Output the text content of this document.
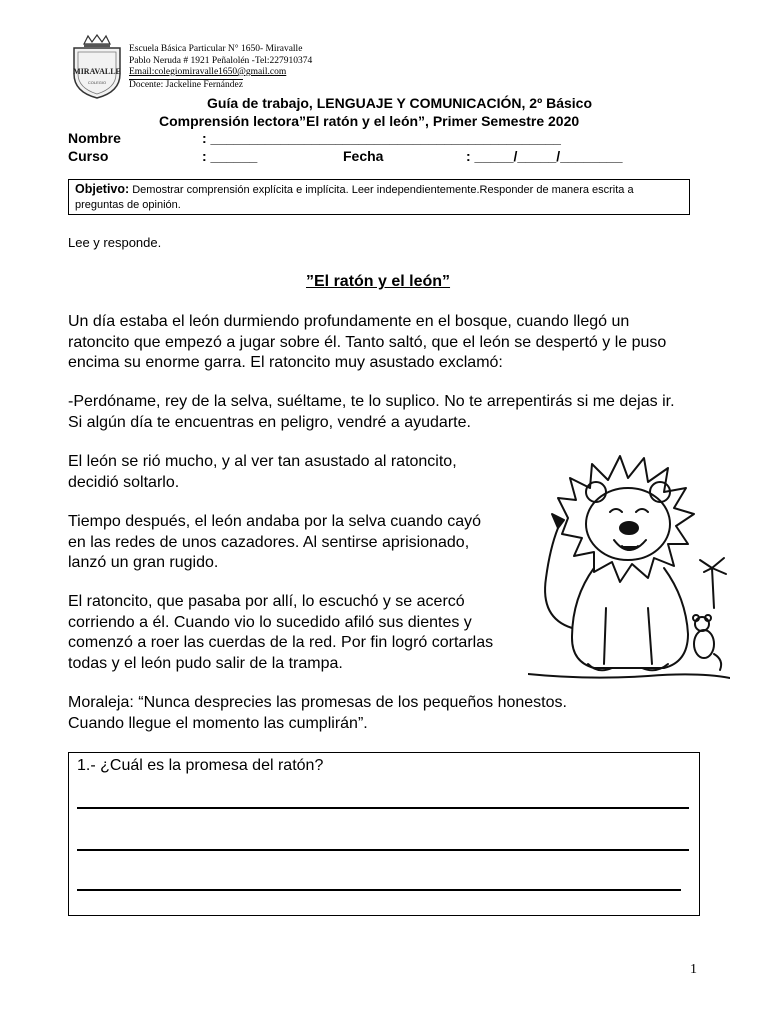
MIRAVALLE
COLEGIO
Escuela Básica Particular N° 1650- Miravalle
Pablo Neruda # 1921 Peñalolén -Tel:227910374
Email:colegiomiravalle1650@gmail.com
Docente: Jackeline Fernández
Guía de trabajo, LENGUAJE Y COMUNICACIÓN, 2º Básico
Comprensión lectora”El ratón y el león”, Primer Semestre 2020
Nombre	: _____________________________________________
Curso	: ______	Fecha	: _____/_____/________
Objetivo: Demostrar comprensión explícita e implícita. Leer independientemente.Responder de manera escrita a preguntas de opinión.
Lee y responde.
”El ratón y el león”
Un día estaba el león durmiendo profundamente en el bosque, cuando llegó un ratoncito que empezó a jugar sobre él. Tanto saltó, que el león se despertó y le puso encima su enorme garra. El ratoncito muy asustado exclamó:
-Perdóname, rey de la selva, suéltame, te lo suplico. No te arrepentirás si me dejas ir. Si algún día te encuentras en peligro, vendré a ayudarte.
El león se rió mucho, y al ver tan asustado al ratoncito, decidió soltarlo.
Tiempo después, el león andaba por la selva cuando cayó en las redes de unos cazadores. Al sentirse aprisionado, lanzó un gran rugido.
El ratoncito, que pasaba por allí, lo escuchó y se acercó corriendo a él. Cuando vio lo sucedido afiló sus dientes y comenzó a roer las cuerdas de la red. Por fin logró cortarlas todas y el león pudo salir de la trampa.
Moraleja: “Nunca desprecies las promesas de los pequeños honestos. Cuando llegue el momento las cumplirán”.
1.- ¿Cuál es la promesa del ratón?
1
